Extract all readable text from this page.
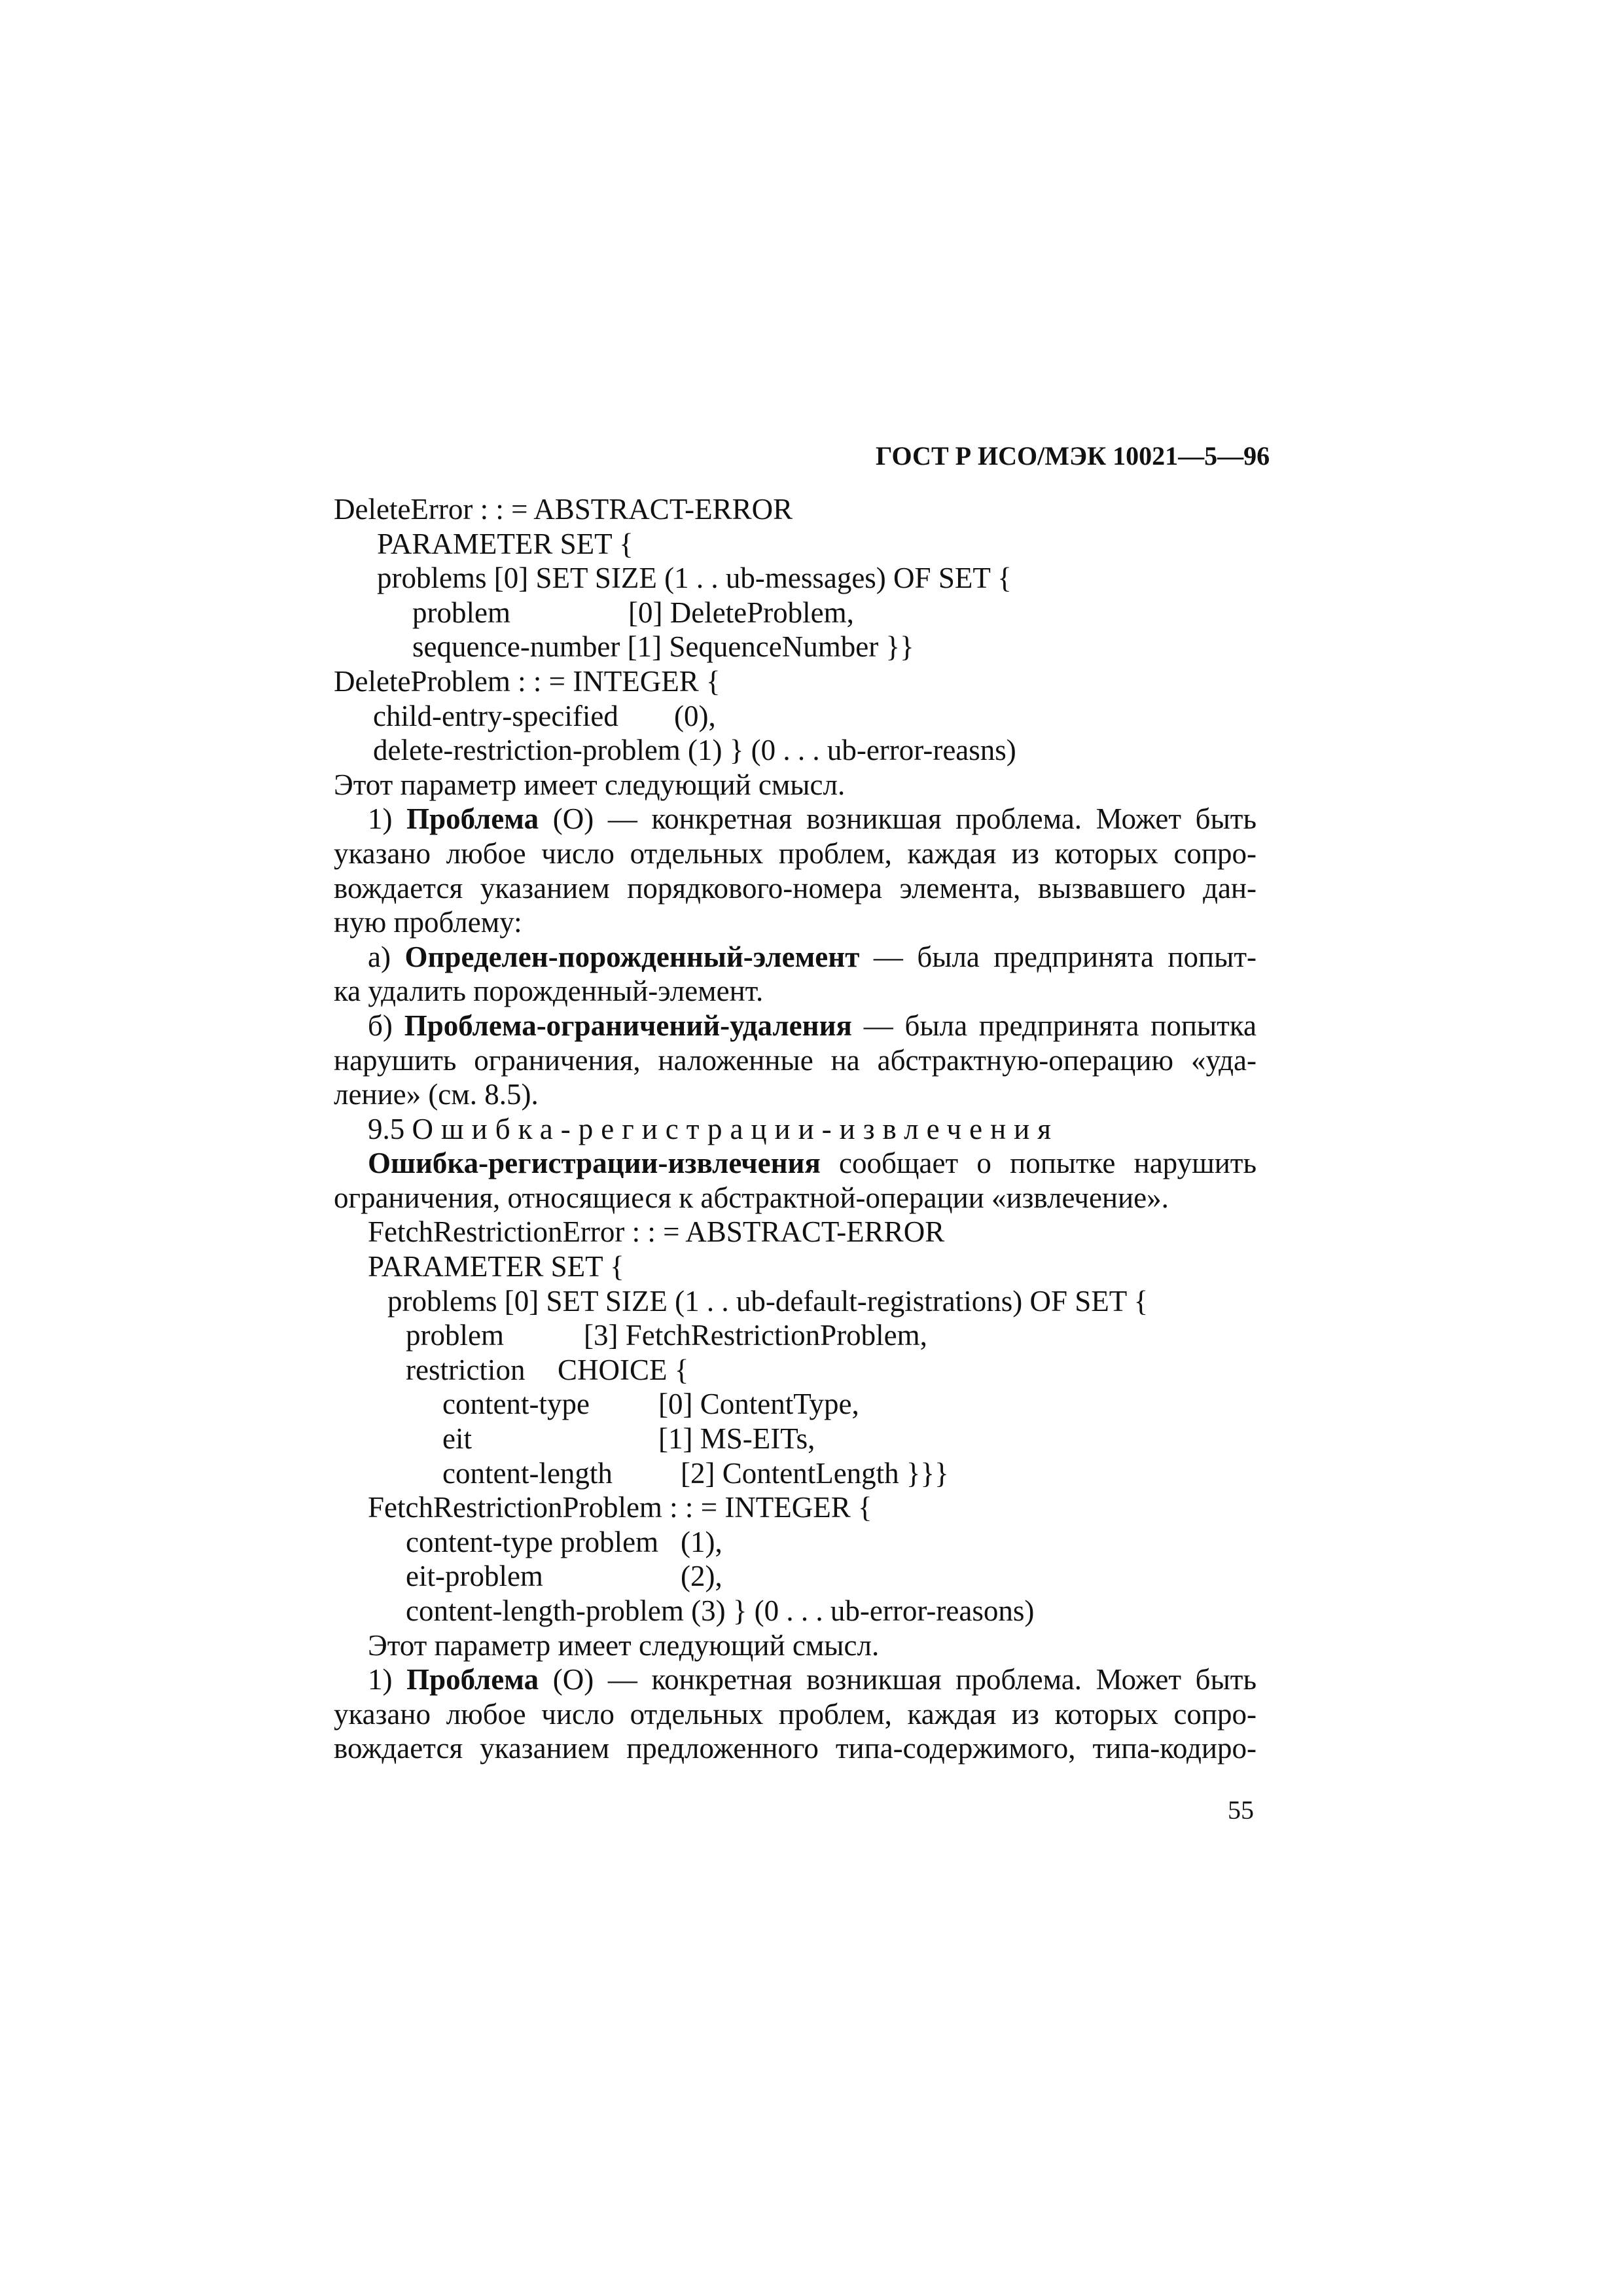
ГОСТ Р ИСО/МЭК 10021—5—96
DeleteError : : = ABSTRACT-ERROR
PARAMETER SET {
problems [0] SET SIZE (1 . . ub-messages) OF SET {
problem	[0] DeleteProblem,
sequence-number [1] SequenceNumber }}
DeleteProblem : : = INTEGER {
child-entry-specified (0),
delete-restriction-problem (1) } (0 . . . ub-error-reasns)
Этот параметр имеет следующий смысл.
1) Проблема (О) — конкретная возникшая проблема. Может быть
указано любое число отдельных проблем, каждая из которых сопро-
вождается указанием порядкового-номера элемента, вызвавшего дан-
ную проблему:
а) Определен-порожденный-элемент — была предпринята попыт-
ка удалить порожденный-элемент.
б) Проблема-ограничений-удаления — была предпринята попытка
нарушить ограничения, наложенные на абстрактную-операцию «уда-
ление» (см. 8.5).
9.5 Ошибка-регистрации-извлечения
Ошибка-регистрации-извлечения сообщает о попытке нарушить
ограничения, относящиеся к абстрактной-операции «извлечение».
FetchRestrictionError : : = ABSTRACT-ERROR
PARAMETER SET {
problems [0] SET SIZE (1 . . ub-default-registrations) OF SET {
problem	[3] FetchRestrictionProblem,
restriction CHOICE {
content-type [0] ContentType,
eit	[1] MS-EITs,
content-length [2] ContentLength }}}
FetchRestrictionProblem : : = INTEGER {
content-type problem (1),
eit-problem	(2),
content-length-problem (3) } (0 . . . ub-error-reasons)
Этот параметр имеет следующий смысл.
1) Проблема (О) — конкретная возникшая проблема. Может быть
указано любое число отдельных проблем, каждая из которых сопро-
вождается указанием предложенного типа-содержимого, типа-кодиро-
55
